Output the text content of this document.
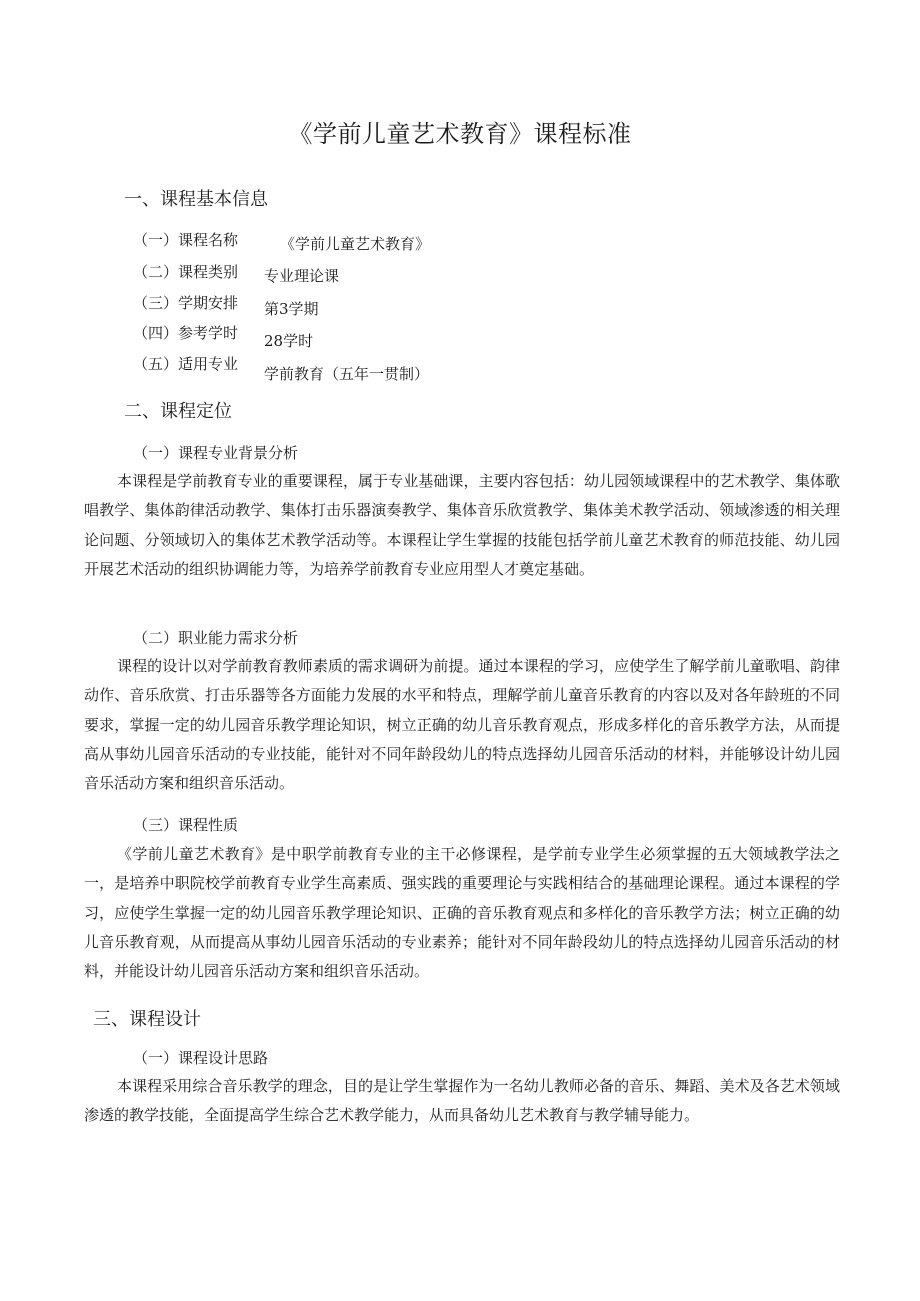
《学前儿童艺术教育》课程标准
一、课程基本信息
（一）课程名称	《学前儿童艺术教育》
（二）课程类别 专业理论课
（三）学期安排 第3学期
（四）参考学时 28学时
（五）适用专业
学前教育（五年一贯制）
二、课程定位
（一）课程专业背景分析

本课程是学前教育专业的重要课程，属于专业基础课，主要内容包括：幼儿园领域课程中的艺术教学、集体歌唱教学、集体韵律活动教学、集体打击乐器演奏教学、集体音乐欣赏教学、集体美术教学活动、领域渗透的相关理论问题、分领域切入的集体艺术教学活动等。本课程让学生掌握的技能包括学前儿童艺术教育的师范技能、幼儿园开展艺术活动的组织协调能力等，为培养学前教育专业应用型人才奠定基础。

（二）职业能力需求分析

课程的设计以对学前教育教师素质的需求调研为前提。通过本课程的学习，应使学生了解学前儿童歌唱、韵律动作、音乐欣赏、打击乐器等各方面能力发展的水平和特点，理解学前儿童音乐教育的内容以及对各年龄班的不同要求，掌握一定的幼儿园音乐教学理论知识，树立正确的幼儿音乐教育观点，形成多样化的音乐教学方法，从而提高从事幼儿园音乐活动的专业技能，能针对不同年龄段幼儿的特点选择幼儿园音乐活动的材料，并能够设计幼儿园音乐活动方案和组织音乐活动。

（三）课程性质

《学前儿童艺术教育》是中职学前教育专业的主干必修课程，是学前专业学生必须掌握的五大领域教学法之一，是培养中职院校学前教育专业学生高素质、强实践的重要理论与实践相结合的基础理论课程。通过本课程的学习，应使学生掌握一定的幼儿园音乐教学理论知识、正确的音乐教育观点和多样化的音乐教学方法；树立正确的幼儿音乐教育观，从而提高从事幼儿园音乐活动的专业素养；能针对不同年龄段幼儿的特点选择幼儿园音乐活动的材料，并能设计幼儿园音乐活动方案和组织音乐活动。

三、课程设计
（一）课程设计思路

本课程采用综合音乐教学的理念，目的是让学生掌握作为一名幼儿教师必备的音乐、舞蹈、美术及各艺术领域渗透的教学技能，全面提高学生综合艺术教学能力，从而具备幼儿艺术教育与教学辅导能力。
